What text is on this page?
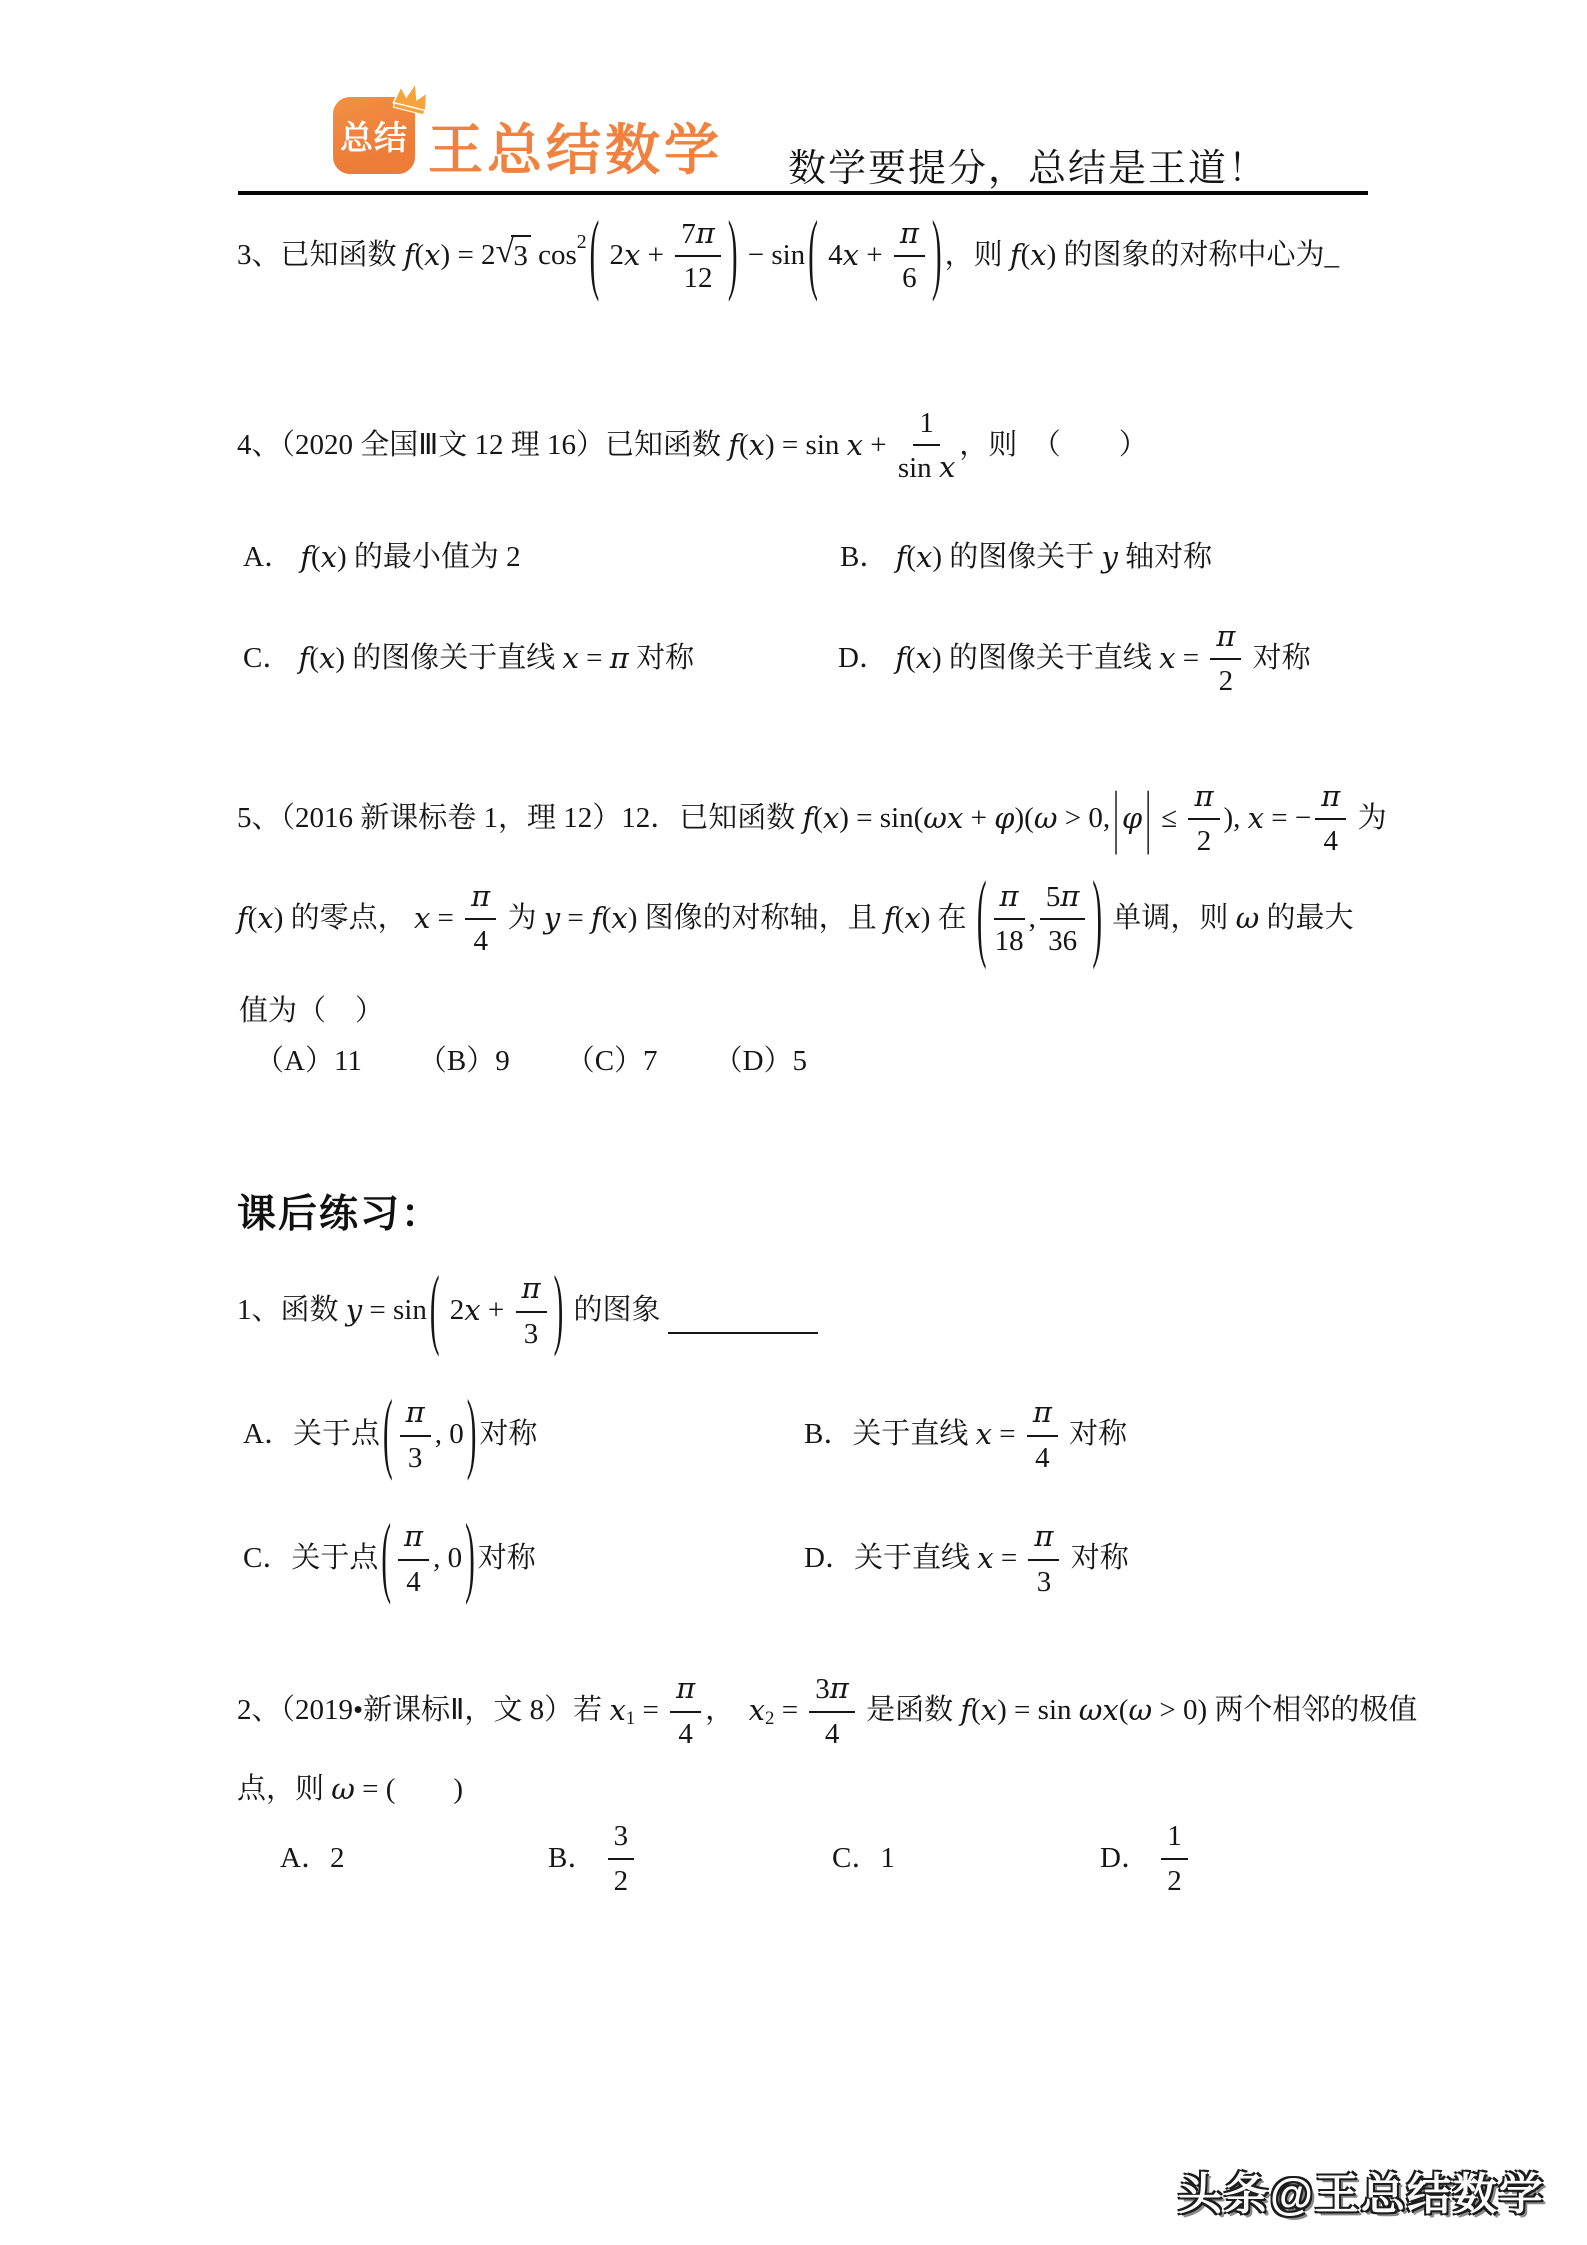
总结 王总结数学 数学要提分，总结是王道！
3、已知函数 f ( x ) = 2 √ 3 cos 2 ( 2 $x + \frac{7\pi}{12}$ ) − sin ( 4 $x + \frac{\pi}{6}$ ) ，则 f ( x ) 的图象的对称中心为_
4、（2020 全国Ⅲ文 12 理 16）已知函数 f ( x ) = $\sin x + \frac{1}{\text{sin x}}$ ，则　（　　）
A． f ( x ) 的最小值为 2	B． f ( x ) 的图像关于 y 轴对称
C． f ( x ) 的图像关于直线 x = π 对称	D． f ( x ) 的图像关于直线 $x = \frac{\pi}{2}$ 对称
5、（2016 新课标卷 1，理 12）12．已知函数 f ( x ) = sin( ωx + φ )( ω > 0, | φ | ≤ $\frac{\pi}{2}$ ), x = − $\frac{\pi}{4}$ 为
f ( x ) 的零点， $x = \frac{\pi}{4}$ 为 y = f ( x ) 图像的对称轴，且 f ( x ) 在 ( $\frac{\pi}{18}$ , $\frac{5\pi}{36}$ ) 单调，则 ω 的最大
值为（　）
（A）11 （B）9 （C）7 （D）5
课后练习：
1、函数 y = sin ( 2 $x + \frac{\pi}{3}$ ) 的图象
A．关于点 ( $\frac{\pi}{3}$ , 0 ) 对称	B．关于直线 $x = \frac{\pi}{4}$ 对称
C．关于点 ( $\frac{\pi}{4}$ , 0 ) 对称	D．关于直线 $x = \frac{\pi}{3}$ 对称
2、（2019•新课标Ⅱ，文 8）若 x $1 = \frac{\pi}{4}$ ， x $2 = \frac{3\pi}{4}$ 是函数 f ( x ) = sin ωx ( ω > 0) 两个相邻的极值
点，则 ω = (　　)
A．2	B． $\frac{3}{2}$	C．1	D． $\frac{1}{2}$
头条@王总结数学
